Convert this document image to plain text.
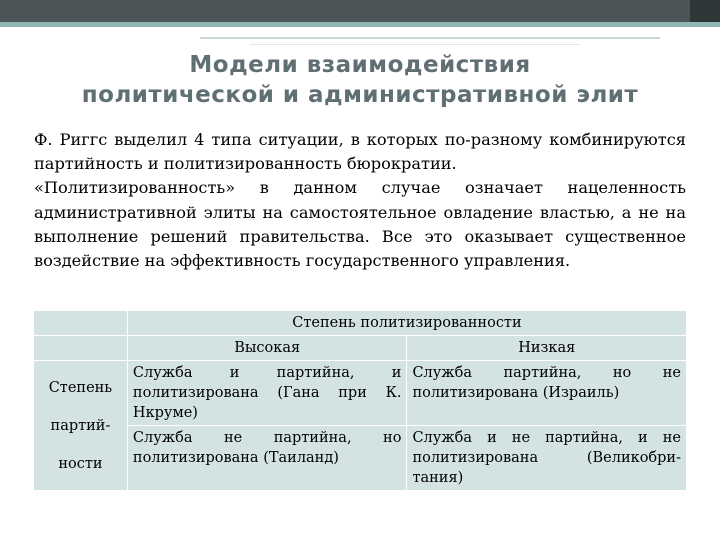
Модели взаимодействия
политической и административной элит

Ф. Риггс выделил 4 типа ситуации, в которых по-разному комбинируются партийность и политизированность бюрократии.

«Политизированность» в данном случае означает нацеленность административной элиты на самостоятельное овладение властью, а не на выполнение решений правительства. Все это оказывает существенное воздействие на эффективность государственного управления.

	Степень политизированности	
	Высокая	Низкая

Степень
партий-
ности	Служба и партийна, и политизирована (Гана при К. Нкруме)	Служба партийна, но не политизирована (Израиль)
	Служба не партийна, но политизирована (Таиланд)	Служба и не партийна, и не политизирована (Великобри-тания)
